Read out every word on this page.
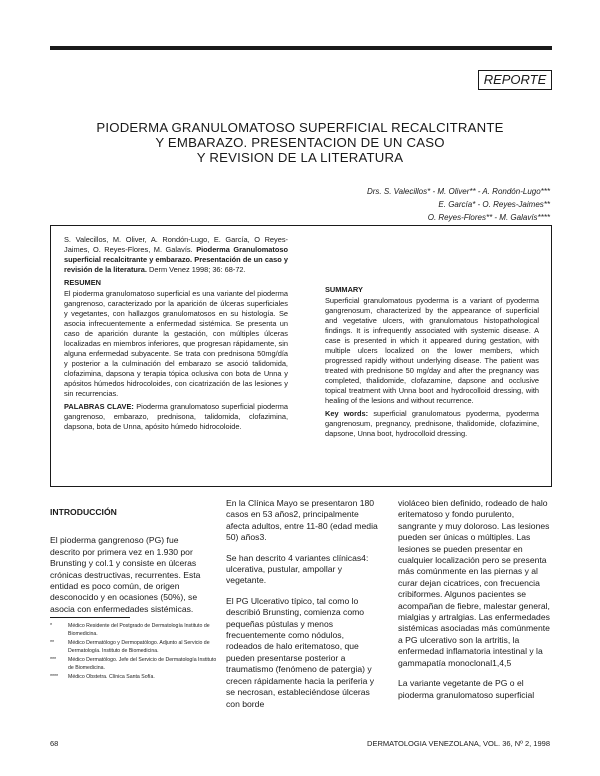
REPORTE
PIODERMA GRANULOMATOSO SUPERFICIAL RECALCITRANTE
Y EMBARAZO. PRESENTACION DE UN CASO
Y REVISION DE LA LITERATURA
Drs. S. Valecillos* - M. Oliver** - A. Rondón-Lugo***
E. García* - O. Reyes-Jaimes**
O. Reyes-Flores** - M. Galavís****

S. Valecillos, M. Oliver, A. Rondón-Lugo, E. García, O Reyes-Jaimes, O. Reyes-Flores, M. Galavís. Pioderma Granulomatoso superficial recalcitrante y embarazo. Presentación de un caso y revisión de la literatura. Derm Venez 1998; 36: 68-72.

RESUMEN

El pioderma granulomatoso superficial es una variante del pioderma gangrenoso, caracterizado por la aparición de úlceras superficiales y vegetantes, con hallazgos granulomatosos en su histología. Se asocia infrecuentemente a enfermedad sistémica. Se presenta un caso de aparición durante la gestación, con múltiples úlceras localizadas en miembros inferiores, que progresan rápidamente, sin alguna enfermedad subyacente. Se trata con prednisona 50mg/día y posterior a la culminación del embarazo se asoció talidomida, clofazimina, dapsona y terapia tópica oclusiva con bota de Unna y apósitos húmedos hidrocoloides, con cicatrización de las lesiones y sin recurrencias.

PALABRAS CLAVE: Pioderma granulomatoso superficial pioderma gangrenoso, embarazo, prednisona, talidomida, clofazimina, dapsona, bota de Unna, apósito húmedo hidrocoloide.

SUMMARY

Superficial granulomatous pyoderma is a variant of pyoderma gangrenosum, characterized by the appearance of superficial and vegetative ulcers, with granulomatous histopathological findings. It is infrequently associated with systemic disease. A case is presented in which it appeared during gestation, with multiple ulcers localized on the lower members, which progressed rapidly without underlying disease. The patient was treated with prednisone 50 mg/day and after the pregnancy was completed, thalidomide, clofazamine, dapsone and occlusive topical treatment with Unna boot and hydrocolloid dressing, with healing of the lesions and without recurrence.

Key words: superficial granulomatous pyoderma, pyoderma gangrenosum, pregnancy, prednisone, thalidomide, clofazimine, dapsone, Unna boot, hydrocolloid dressing.

INTRODUCCIÓN

El pioderma gangrenoso (PG) fue descrito por primera vez en 1.930 por Brunsting y col.1 y consiste en úlceras crónicas destructivas, recurrentes. Esta entidad es poco común, de origen desconocido y en ocasiones (50%), se asocia con enfermedades sistémicas.

*	Médico Residente del Postgrado de Dermatología Instituto de Biomedicina.
**	Médico Dermatólogo y Dermopatólogo. Adjunto al Servicio de Dermatología. Instituto de Biomedicina.
***	Médico Dermatólogo. Jefe del Servicio de Dermatología Instituto de Biomedicina.
****	Médico Obstetra. Clínica Santa Sofía.

En la Clínica Mayo se presentaron 180 casos en 53 años2, principalmente afecta adultos, entre 11-80 (edad media 50) años3.

Se han descrito 4 variantes clínicas4: ulcerativa, pustular, ampollar y vegetante.

El PG Ulcerativo típico, tal como lo describió Brunsting, comienza como pequeñas pústulas y menos frecuentemente como nódulos, rodeados de halo eritematoso, que pueden presentarse posterior a traumatismo (fenómeno de patergia) y crecen rápidamente hacia la periferia y se necrosan, estableciéndose úlceras con borde

violáceo bien definido, rodeado de halo eritematoso y fondo purulento, sangrante y muy doloroso. Las lesiones pueden ser únicas o múltiples. Las lesiones se pueden presentar en cualquier localización pero se presenta más comúnmente en las piernas y al curar dejan cicatrices, con frecuencia cribiformes. Algunos pacientes se acompañan de fiebre, malestar general, mialgias y artralgias. Las enfermedades sistémicas asociadas más comúnmente a PG ulcerativo son la artritis, la enfermedad inflamatoria intestinal y la gammapatía monoclonal1,4,5

La variante vegetante de PG o el pioderma granulomatoso superficial

68	DERMATOLOGIA VENEZOLANA, VOL. 36, Nº 2, 1998
